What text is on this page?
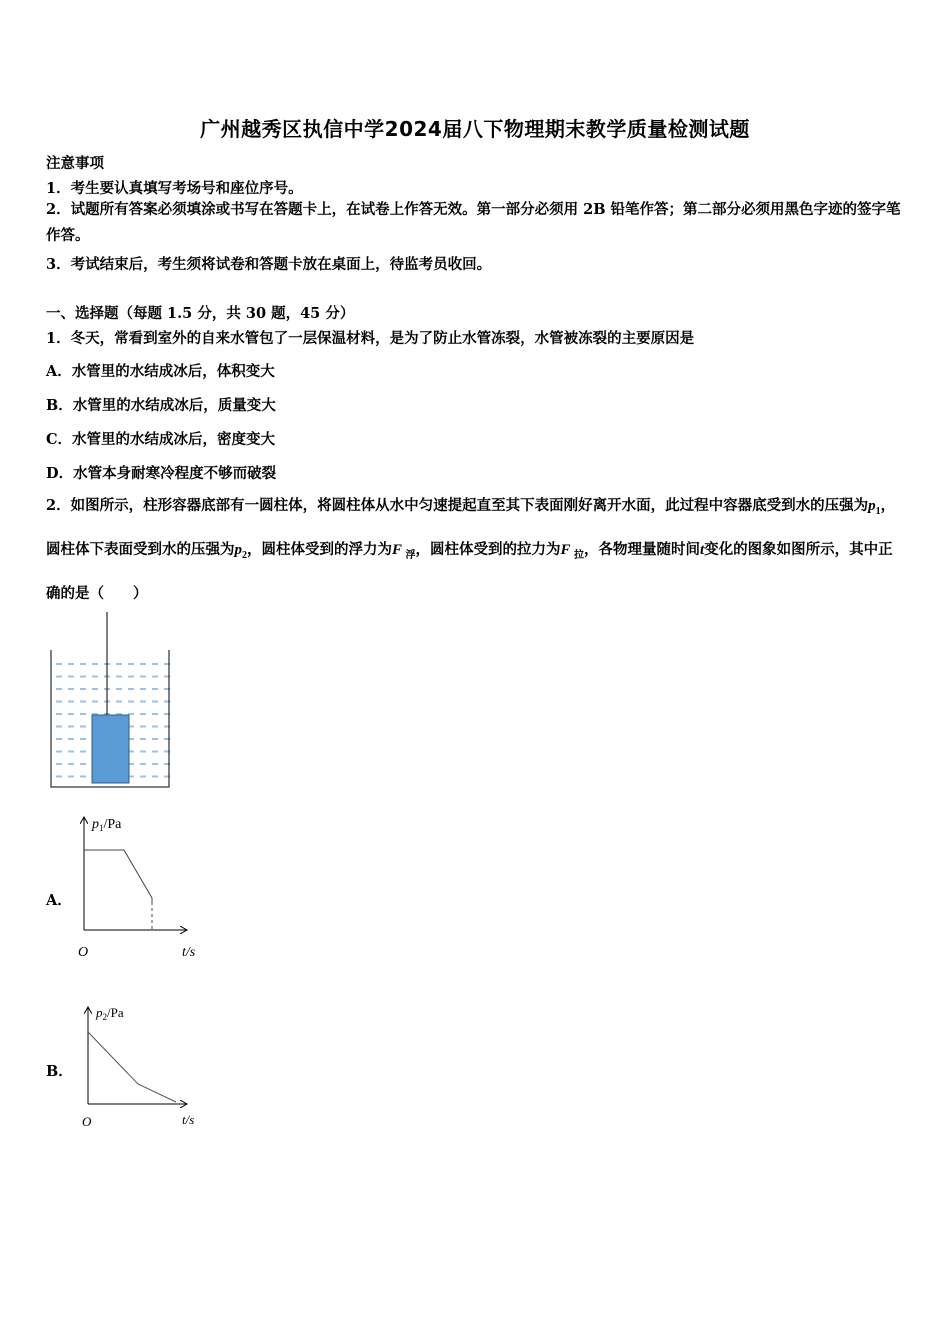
广州越秀区执信中学2024届八下物理期末教学质量检测试题
注意事项
1．考生要认真填写考场号和座位序号。
2．试题所有答案必须填涂或书写在答题卡上，在试卷上作答无效。第一部分必须用 2B 铅笔作答；第二部分必须用黑色字迹的签字笔作答。
3．考试结束后，考生须将试卷和答题卡放在桌面上，待监考员收回。
一、选择题（每题 1.5 分，共 30 题，45 分）
1．冬天，常看到室外的自来水管包了一层保温材料，是为了防止水管冻裂，水管被冻裂的主要原因是
A．水管里的水结成冰后，体积变大
B．水管里的水结成冰后，质量变大
C．水管里的水结成冰后，密度变大
D．水管本身耐寒冷程度不够而破裂
2．如图所示，柱形容器底部有一圆柱体，将圆柱体从水中匀速提起直至其下表面刚好离开水面，此过程中容器底受到水的压强为$p_1$，圆柱体下表面受到水的压强为$p_2$，圆柱体受到的浮力为F $_浮$，圆柱体受到的拉力为F $_拉$，各物理量随时间t变化的图象如图所示，其中正确的是（　　）
A．
$p_1/Pa$
O	t/s
B．
$p_2/Pa$
O	t/s
